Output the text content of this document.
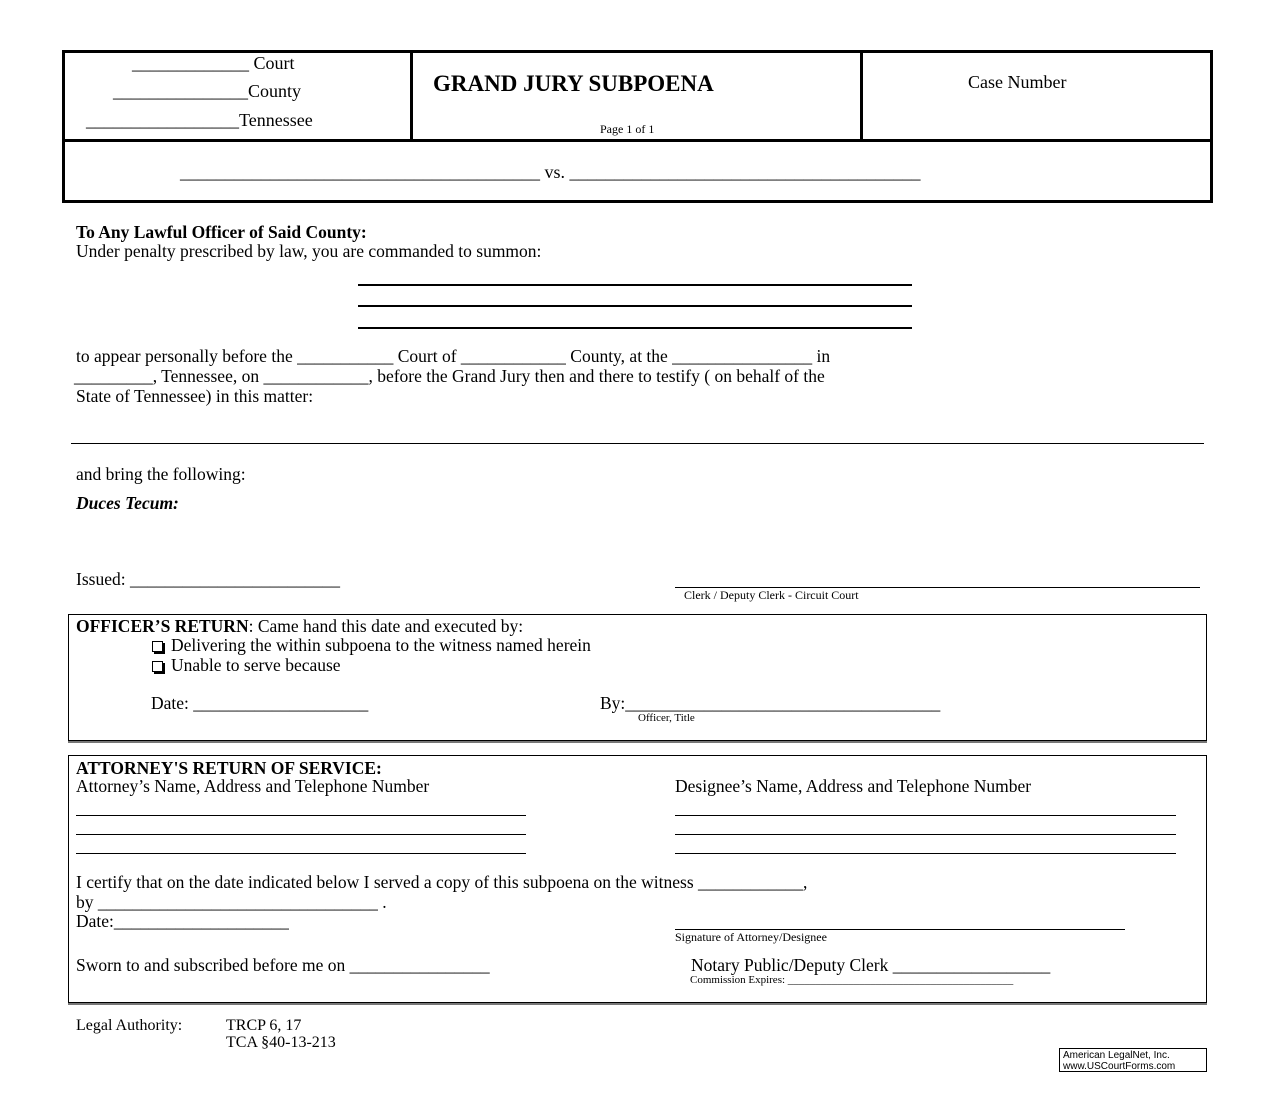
_____________ Court
_______________County
_________________Tennessee
GRAND JURY SUBPOENA
Page 1 of 1
Case Number
________________________________________ vs. _______________________________________
To Any Lawful Officer of Said County:
Under penalty prescribed by law, you are commanded to summon:
to appear personally before the ___________ Court of ____________ County, at the ________________ in
_________, Tennessee, on ____________, before the Grand Jury then and there to testify ( on behalf of the
State of Tennessee) in this matter:
and bring the following:
Duces Tecum:
Issued: ________________________
Clerk / Deputy Clerk - Circuit Court
OFFICER’S RETURN: Came hand this date and executed by:
Delivering the within subpoena to the witness named herein
Unable to serve because
Date: ____________________	By:____________________________________
Officer, Title
ATTORNEY'S RETURN OF SERVICE:
Attorney’s Name, Address and Telephone Number	Designee’s Name, Address and Telephone Number
I certify that on the date indicated below I served a copy of this subpoena on the witness ____________,
by ________________________________ .
Date:____________________
Signature of Attorney/Designee
Sworn to and subscribed before me on ________________	Notary Public/Deputy Clerk __________________
Commission Expires: _________________________________________
Legal Authority:	TRCP 6, 17
TCA §40-13-213
American LegalNet, Inc.
www.USCourtForms.com
